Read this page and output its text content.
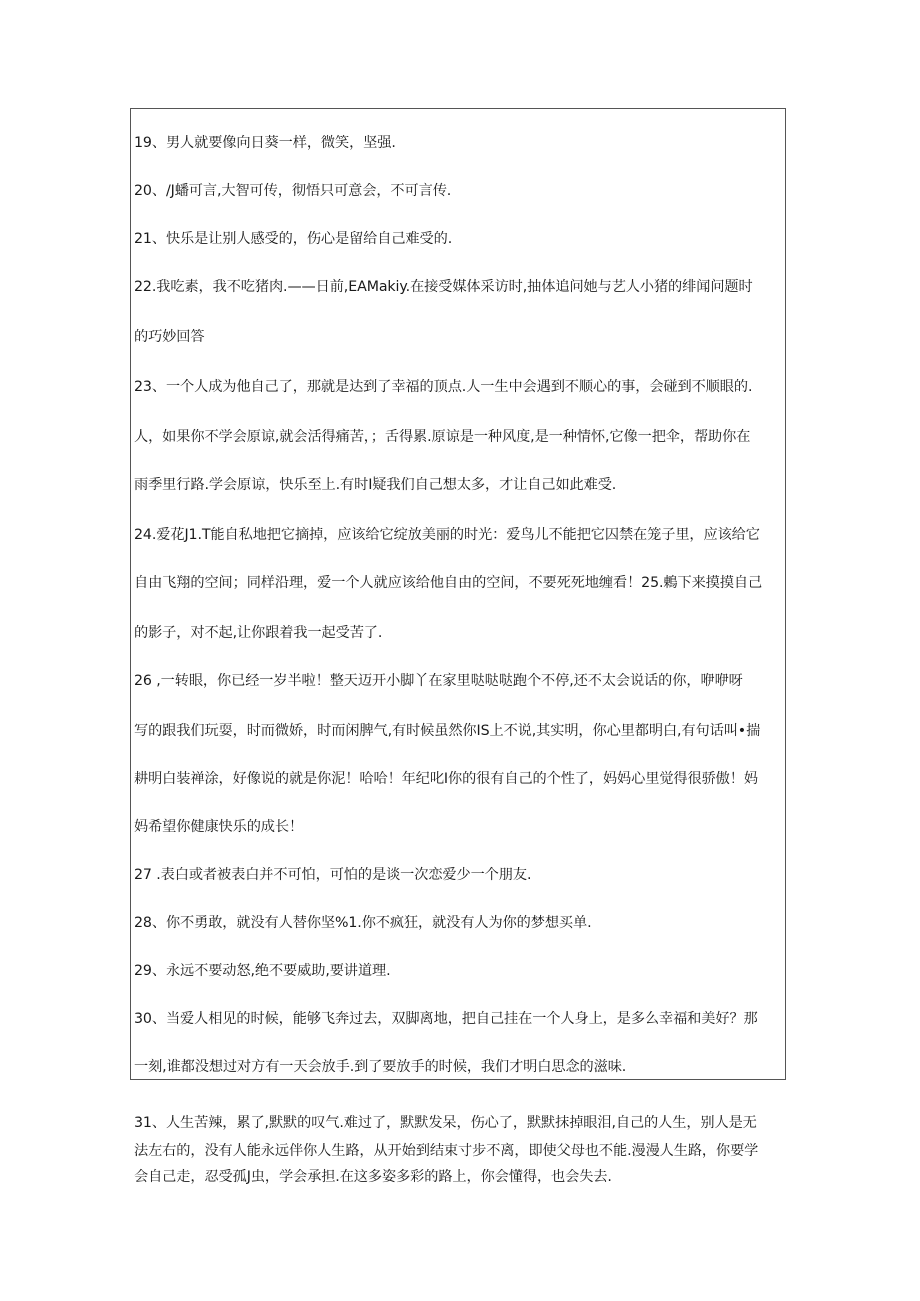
19、男人就要像向日葵一样，微笑，坚强.
20、/J蟠可言,大智可传，彻悟只可意会，不可言传.
21、快乐是让别人感受的，伤心是留给自己难受的.
22.我吃素，我不吃猪肉.——日前,EAMakiy.在接受媒体采访时,抽体追问她与艺人小猪的绯闻问题时
的巧妙回答
23、一个人成为他自己了，那就是达到了幸福的顶点.人一生中会遇到不顺心的事，会碰到不顺眼的.
人，如果你不学会原谅,就会活得痛苦，；舌得累.原谅是一种风度,是一种情怀,它像一把伞，帮助你在
雨季里行路.学会原谅，快乐至上.有时I疑我们自己想太多，才让自己如此难受.
24.爱花J1.T能自私地把它摘掉，应该给它绽放美丽的时光：爱鸟儿不能把它囚禁在笼子里，应该给它
自由飞翔的空间；同样沿理，爱一个人就应该给他自由的空间，不要死死地缠看！25.鶇下来摸摸自己
的影子，对不起,让你跟着我一起受苦了.
26 ,一转眼，你已经一岁半啦！整天迈开小脚丫在家里哒哒哒跑个不停,还不太会说话的你，咿咿呀
写的跟我们玩耍，时而微娇，时而闲脾气,有时候虽然你IS上不说,其实明，你心里都明白,有句话叫•揣
耕明白装禅涂，好像说的就是你泥！哈哈！年纪叱I你的很有自己的个性了，妈妈心里觉得很骄傲！妈
妈希望你健康快乐的成长！
27 .表白或者被表白并不可怕，可怕的是谈一次恋爱少一个朋友.
28、你不勇敢，就没有人替你坚%1.你不疯狂，就没有人为你的梦想买单.
29、永远不要动怒,绝不要威助,要讲道理.
30、当爱人相见的时候，能够飞奔过去，双脚离地，把自己挂在一个人身上，是多么幸福和美好？那
一刻,谁都没想过对方有一天会放手.到了要放手的时候，我们才明白思念的滋味.
31、人生苦辣，累了,默默的叹气.难过了，默默发呆，伤心了，默默抹掉眼泪,自己的人生，别人是无
法左右的，没有人能永远伴你人生路，从开始到结束寸步不离，即使父母也不能.漫漫人生路，你要学
会自己走，忍受孤J虫，学会承担.在这多姿多彩的路上，你会懂得，也会失去.
